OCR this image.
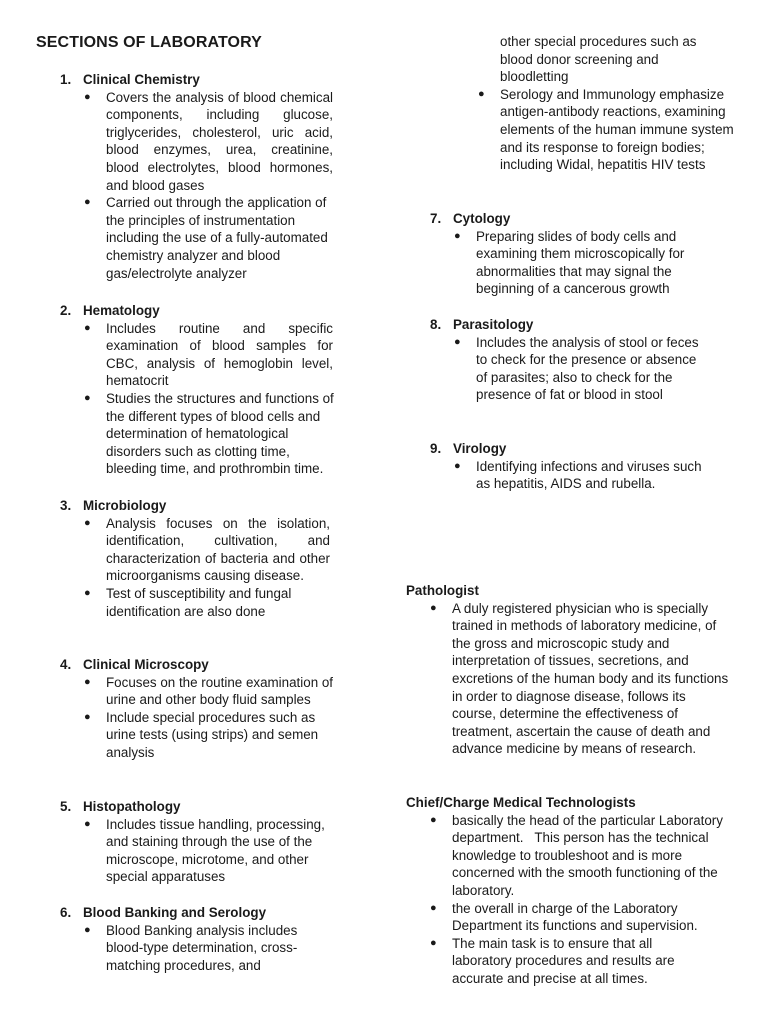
SECTIONS OF LABORATORY
1. Clinical Chemistry
● Covers the analysis of blood chemical components, including glucose, triglycerides, cholesterol, uric acid, blood enzymes, urea, creatinine, blood electrolytes, blood hormones, and blood gases
● Carried out through the application of the principles of instrumentation including the use of a fully-automated chemistry analyzer and blood gas/electrolyte analyzer
2. Hematology
● Includes routine and specific examination of blood samples for CBC, analysis of hemoglobin level, hematocrit
● Studies the structures and functions of the different types of blood cells and determination of hematological disorders such as clotting time, bleeding time, and prothrombin time.
3. Microbiology
● Analysis focuses on the isolation, identification, cultivation, and characterization of bacteria and other microorganisms causing disease.
● Test of susceptibility and fungal identification are also done
4. Clinical Microscopy
● Focuses on the routine examination of urine and other body fluid samples
● Include special procedures such as urine tests (using strips) and semen analysis
5. Histopathology
● Includes tissue handling, processing, and staining through the use of the microscope, microtome, and other special apparatuses
6. Blood Banking and Serology
● Blood Banking analysis includes blood-type determination, cross-matching procedures, and
other special procedures such as blood donor screening and bloodletting
● Serology and Immunology emphasize antigen-antibody reactions, examining elements of the human immune system and its response to foreign bodies; including Widal, hepatitis HIV tests
7. Cytology
● Preparing slides of body cells and examining them microscopically for abnormalities that may signal the beginning of a cancerous growth
8. Parasitology
● Includes the analysis of stool or feces to check for the presence or absence of parasites; also to check for the presence of fat or blood in stool
9. Virology
● Identifying infections and viruses such as hepatitis, AIDS and rubella.
Pathologist
● A duly registered physician who is specially trained in methods of laboratory medicine, of the gross and microscopic study and interpretation of tissues, secretions, and excretions of the human body and its functions in order to diagnose disease, follows its course, determine the effectiveness of treatment, ascertain the cause of death and advance medicine by means of research.
Chief/Charge Medical Technologists
● basically the head of the particular Laboratory department.   This person has the technical knowledge to troubleshoot and is more concerned with the smooth functioning of the laboratory.
● the overall in charge of the Laboratory Department its functions and supervision.
● The main task is to ensure that all laboratory procedures and results are accurate and precise at all times.
